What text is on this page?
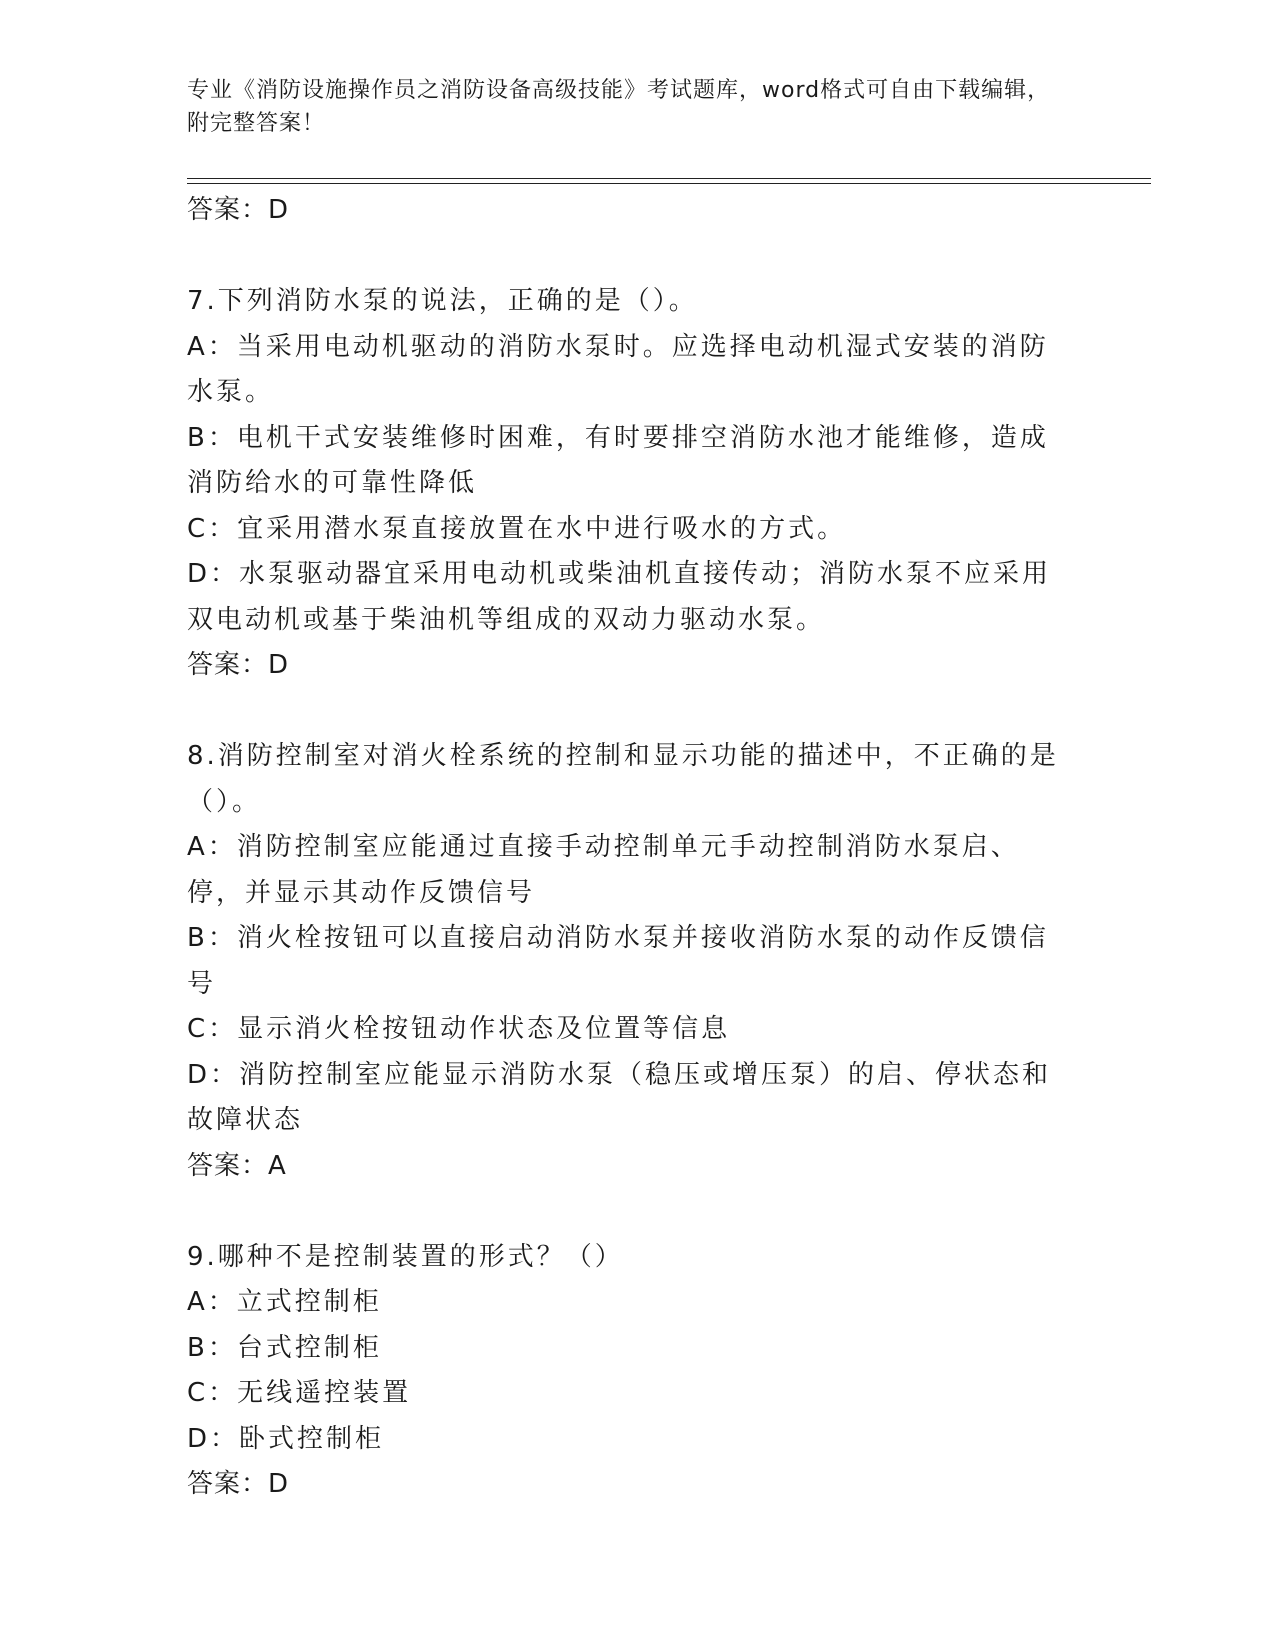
专业《消防设施操作员之消防设备高级技能》考试题库，word格式可自由下载编辑，附完整答案！
答案：D
7.下列消防水泵的说法，正确的是（）。
A：当采用电动机驱动的消防水泵时。应选择电动机湿式安装的消防水泵。
B：电机干式安装维修时困难，有时要排空消防水池才能维修，造成消防给水的可靠性降低
C：宜采用潜水泵直接放置在水中进行吸水的方式。
D：水泵驱动器宜采用电动机或柴油机直接传动；消防水泵不应采用双电动机或基于柴油机等组成的双动力驱动水泵。
答案：D
8.消防控制室对消火栓系统的控制和显示功能的描述中，不正确的是（）。
A：消防控制室应能通过直接手动控制单元手动控制消防水泵启、停，并显示其动作反馈信号
B：消火栓按钮可以直接启动消防水泵并接收消防水泵的动作反馈信号
C：显示消火栓按钮动作状态及位置等信息
D：消防控制室应能显示消防水泵（稳压或增压泵）的启、停状态和故障状态
答案：A
9.哪种不是控制装置的形式？（）
A：立式控制柜
B：台式控制柜
C：无线遥控装置
D：卧式控制柜
答案：D
